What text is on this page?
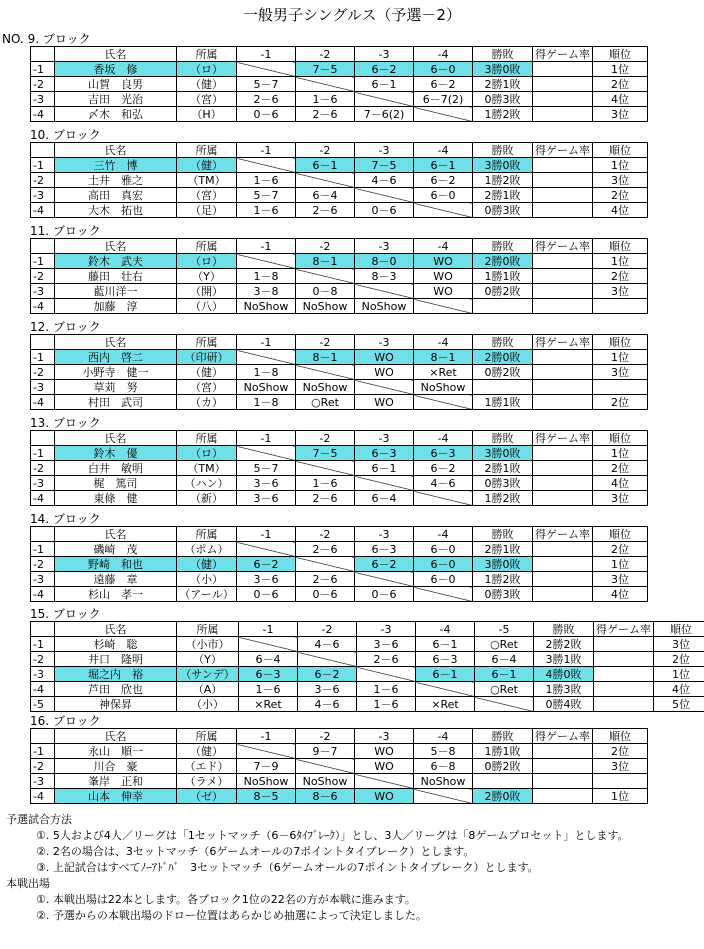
一般男子シングルス（予選－2）
NO. 9. ブロック
	氏名	所属	-1	-2	-3	-4	勝敗	得ゲーム率	順位
-1	香坂　修	（ロ）		7－5	6－2	6－0	3勝0敗		1位
-2	山賀　良男	（健）	5－7		6－1	6－2	2勝1敗		2位
-3	吉田　光治	（宮）	2－6	1－6		6－7(2)	0勝3敗		4位
-4	〆木　和弘	（H）	0－6	2－6	7－6(2)		1勝2敗		3位
10. ブロック
	氏名	所属	-1	-2	-3	-4	勝敗	得ゲーム率	順位
-1	三竹　博	（健）		6－1	7－5	6－1	3勝0敗		1位
-2	土井　雅之	（TM）	1－6		4－6	6－2	1勝2敗		3位
-3	高田　真宏	（宮）	5－7	6－4		6－0	2勝1敗		2位
-4	大木　拓也	（足）	1－6	2－6	0－6		0勝3敗		4位
11. ブロック
	氏名	所属	-1	-2	-3	-4	勝敗	得ゲーム率	順位
-1	鈴木　武夫	（ロ）		8－1	8－0	WO	2勝0敗		1位
-2	藤田　壮右	（Y）	1－8		8－3	WO	1勝1敗		2位
-3	藍川洋一	（開）	3－8	0－8		WO	0勝2敗		3位
-4	加藤　淳	（八）	NoShow	NoShow	NoShow				
12. ブロック
	氏名	所属	-1	-2	-3	-4	勝敗	得ゲーム率	順位
-1	西内　啓二	（印研）		8－1	WO	8－1	2勝0敗		1位
-2	小野寺　健一	（健）	1－8		WO	×Ret	0勝2敗		3位
-3	草苅　努	（宮）	NoShow	NoShow		NoShow			
-4	村田　武司	（カ）	1－8	○Ret	WO		1勝1敗		2位
13. ブロック
	氏名	所属	-1	-2	-3	-4	勝敗	得ゲーム率	順位
-1	鈴木　優	（ロ）		7－5	6－3	6－3	3勝0敗		1位
-2	白井　敏明	（TM）	5－7		6－1	6－2	2勝1敗		2位
-3	梶　篤司	（ハン）	3－6	1－6		4－6	0勝3敗		4位
-4	東條　健	（新）	3－6	2－6	6－4		1勝2敗		3位
14. ブロック
	氏名	所属	-1	-2	-3	-4	勝敗	得ゲーム率	順位
-1	磯崎　茂	（ポム）		2－6	6－3	6－0	2勝1敗		2位
-2	野崎　和也	（健）	6－2		6－2	6－0	3勝0敗		1位
-3	遠藤　章	（小）	3－6	2－6		6－0	1勝2敗		3位
-4	杉山　孝一	（アール）	0－6	0－6	0－6		0勝3敗		4位
15. ブロック
	氏名	所属	-1	-2	-3	-4	-5	勝敗	得ゲーム率	順位
-1	杉崎　聡	（小市）		4－6	3－6	6－1	○Ret	2勝2敗		3位
-2	井口　隆明	（Y）	6－4		2－6	6－3	6－4	3勝1敗		2位
-3	堀之内　裕	（サンデ）	6－3	6－2		6－1	6－1	4勝0敗		1位
-4	芦田　欣也	（A）	1－6	3－6	1－6		○Ret	1勝3敗		4位
-5	神保昇	（小）	×Ret	4－6	1－6	×Ret		0勝4敗		5位
16. ブロック
	氏名	所属	-1	-2	-3	-4	勝敗	得ゲーム率	順位
-1	永山　順一	（健）		9－7	WO	5－8	1勝1敗		2位
-2	川合　豪	（エド）	7－9		WO	6－8	0勝2敗		3位
-3	峯岸　正和	（ラメ）	NoShow	NoShow		NoShow			
-4	山本　伸幸	（ゼ）	8－5	8－6	WO		2勝0敗		1位
予選試合方法
①. 5人および4人／リーグは「1セットマッチ（6－6ﾀｲﾌﾞﾚｰｸ）」とし、3人／リーグは「8ゲームプロセット」とします。
②. 2名の場合は、3セットマッチ（6ゲームオールの7ポイントタイブレーク）とします。
③. 上記試合はすべてﾉｰｱﾄﾞﾊﾞ　3セットマッチ（6ゲームオールの7ポイントタイブレーク）とします。
本戦出場
①. 本戦出場は22本とします。各ブロック1位の22名の方が本戦に進みます。
②. 予選からの本戦出場のドロー位置はあらかじめ抽選によって決定しました。
